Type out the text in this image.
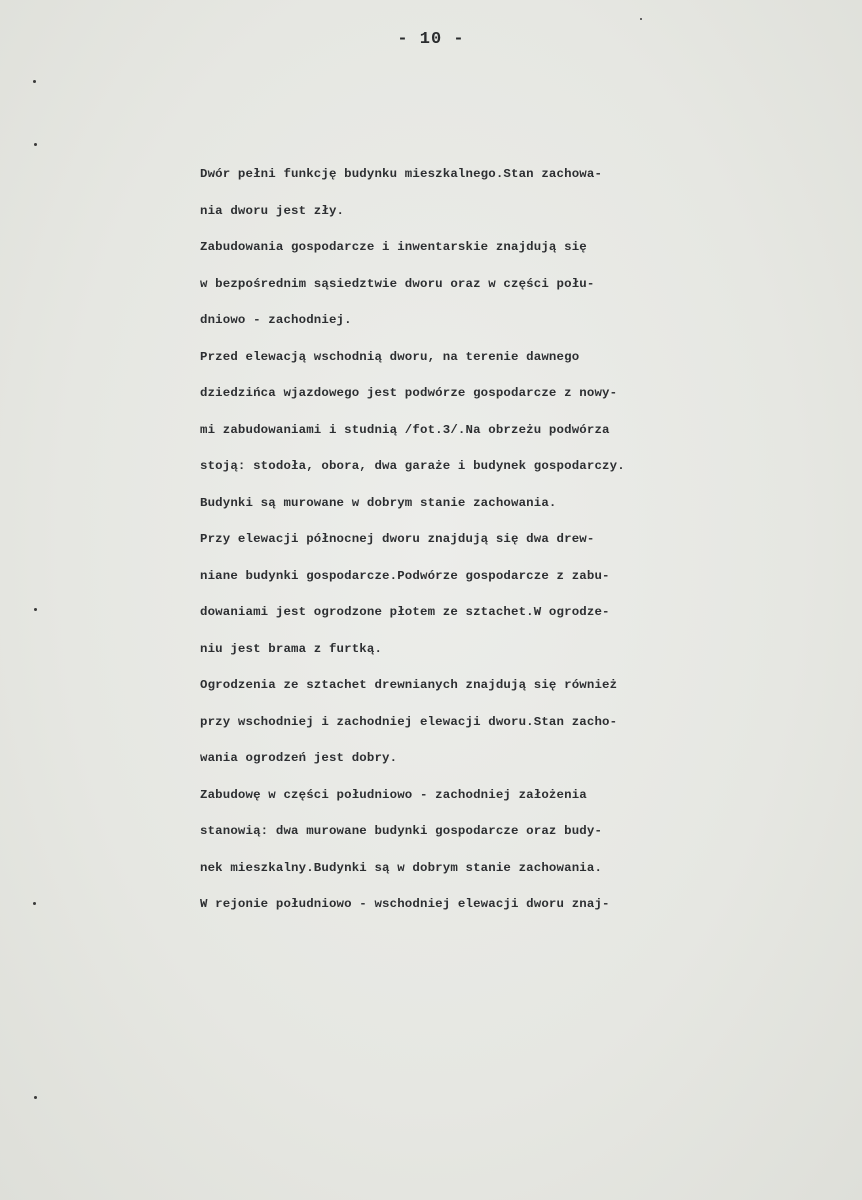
- 10 -
Dwór pełni funkcję budynku mieszkalnego.Stan zachowa-
nia dworu jest zły.
Zabudowania gospodarcze i inwentarskie znajdują się
w bezpośrednim sąsiedztwie dworu oraz w części połu-
dniowo - zachodniej.
Przed elewacją wschodnią dworu, na terenie dawnego
dziedzińca wjazdowego jest podwórze gospodarcze z nowy-
mi zabudowaniami i studnią /fot.3/.Na obrzeżu podwórza
stoją: stodoła, obora, dwa garaże i budynek gospodarczy.
Budynki są murowane w dobrym stanie zachowania.
Przy elewacji północnej dworu znajdują się dwa drew-
niane budynki gospodarcze.Podwórze gospodarcze z zabu-
dowaniami jest ogrodzone płotem ze sztachet.W ogrodze-
niu jest brama z furtką.
Ogrodzenia ze sztachet drewnianych znajdują się również
przy wschodniej i zachodniej elewacji dworu.Stan zacho-
wania ogrodzeń jest dobry.
Zabudowę w części południowo - zachodniej założenia
stanowią: dwa murowane budynki gospodarcze oraz budy-
nek mieszkalny.Budynki są w dobrym stanie zachowania.
W rejonie południowo - wschodniej elewacji dworu znaj-
